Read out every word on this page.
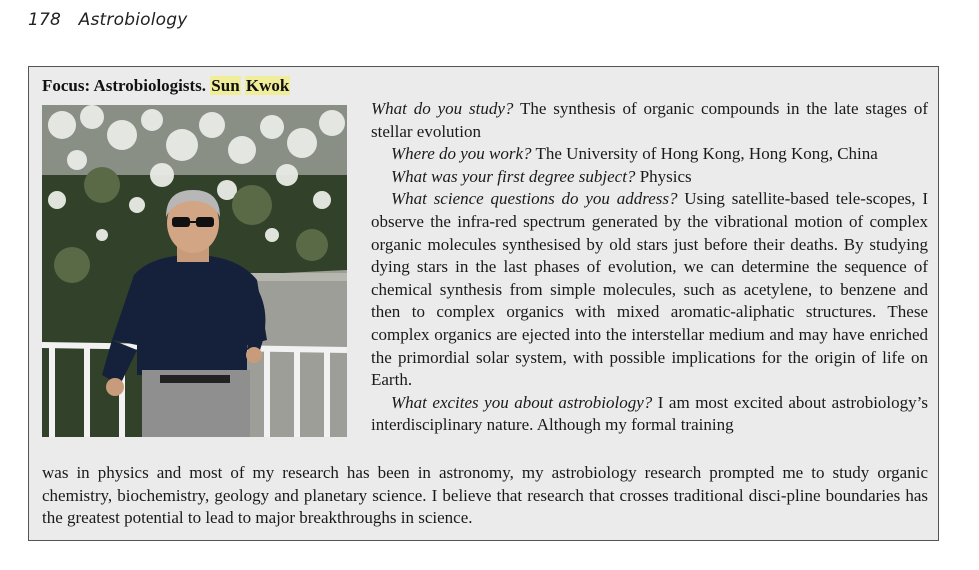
178 Astrobiology
Focus: Astrobiologists. Sun Kwok

What do you study? The synthesis of organic compounds in the late stages of stellar evolution

Where do you work? The University of Hong Kong, Hong Kong, China

What was your first degree subject? Physics

What science questions do you address? Using satellite-based tele-scopes, I observe the infra-red spectrum generated by the vibrational motion of complex organic molecules synthesised by old stars just before their deaths. By studying dying stars in the last phases of evolution, we can determine the sequence of chemical synthesis from simple molecules, such as acetylene, to benzene and then to complex organics with mixed aromatic-aliphatic structures. These complex organics are ejected into the interstellar medium and may have enriched the primordial solar system, with possible implications for the origin of life on Earth.

What excites you about astrobiology? I am most excited about astrobiology’s interdisciplinary nature. Although my formal training

was in physics and most of my research has been in astronomy, my astrobiology research prompted me to study organic chemistry, biochemistry, geology and planetary science. I believe that research that crosses traditional disci-pline boundaries has the greatest potential to lead to major breakthroughs in science.
